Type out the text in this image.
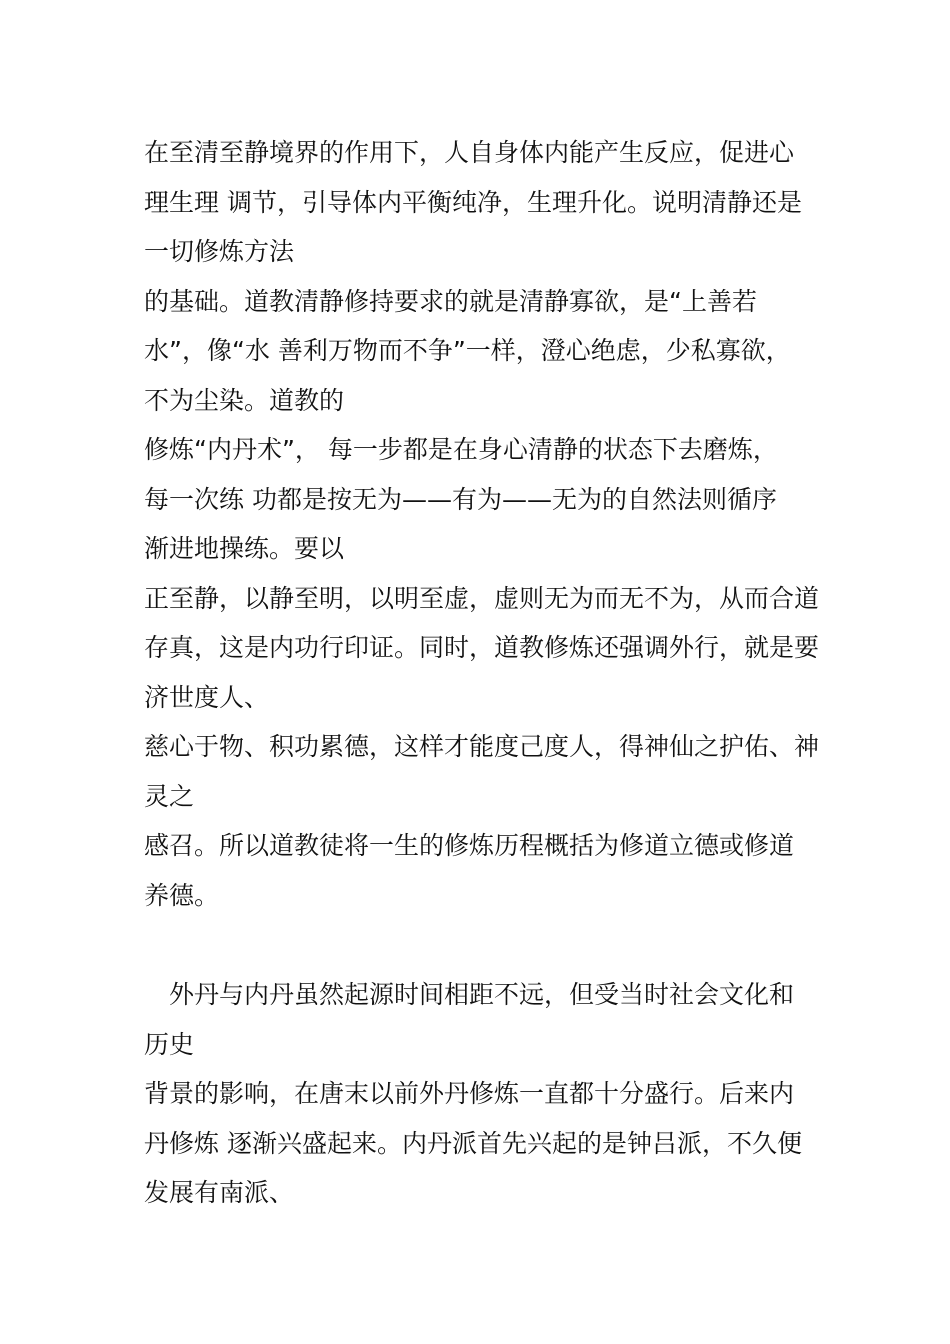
在至清至静境界的作用下，人自身体内能产生反应，促进心
理生理 调节，引导体内平衡纯净，生理升化。说明清静还是
一切修炼方法
的基础。道教清静修持要求的就是清静寡欲，是“上善若
水”，像“水 善利万物而不争”一样，澄心绝虑，少私寡欲，
不为尘染。道教的
修炼“内丹术”， 每一步都是在身心清静的状态下去磨炼，
每一次练 功都是按无为——有为——无为的自然法则循序
渐进地操练。要以
正至静，以静至明，以明至虚，虚则无为而无不为，从而合道
存真，这是内功行印证。同时，道教修炼还强调外行，就是要
济世度人、
慈心于物、积功累德，这样才能度己度人，得神仙之护佑、神
灵之
感召。所以道教徒将一生的修炼历程概括为修道立德或修道
养德。
外丹与内丹虽然起源时间相距不远，但受当时社会文化和
历史
背景的影响，在唐末以前外丹修炼一直都十分盛行。后来内
丹修炼 逐渐兴盛起来。内丹派首先兴起的是钟吕派，不久便
发展有南派、
